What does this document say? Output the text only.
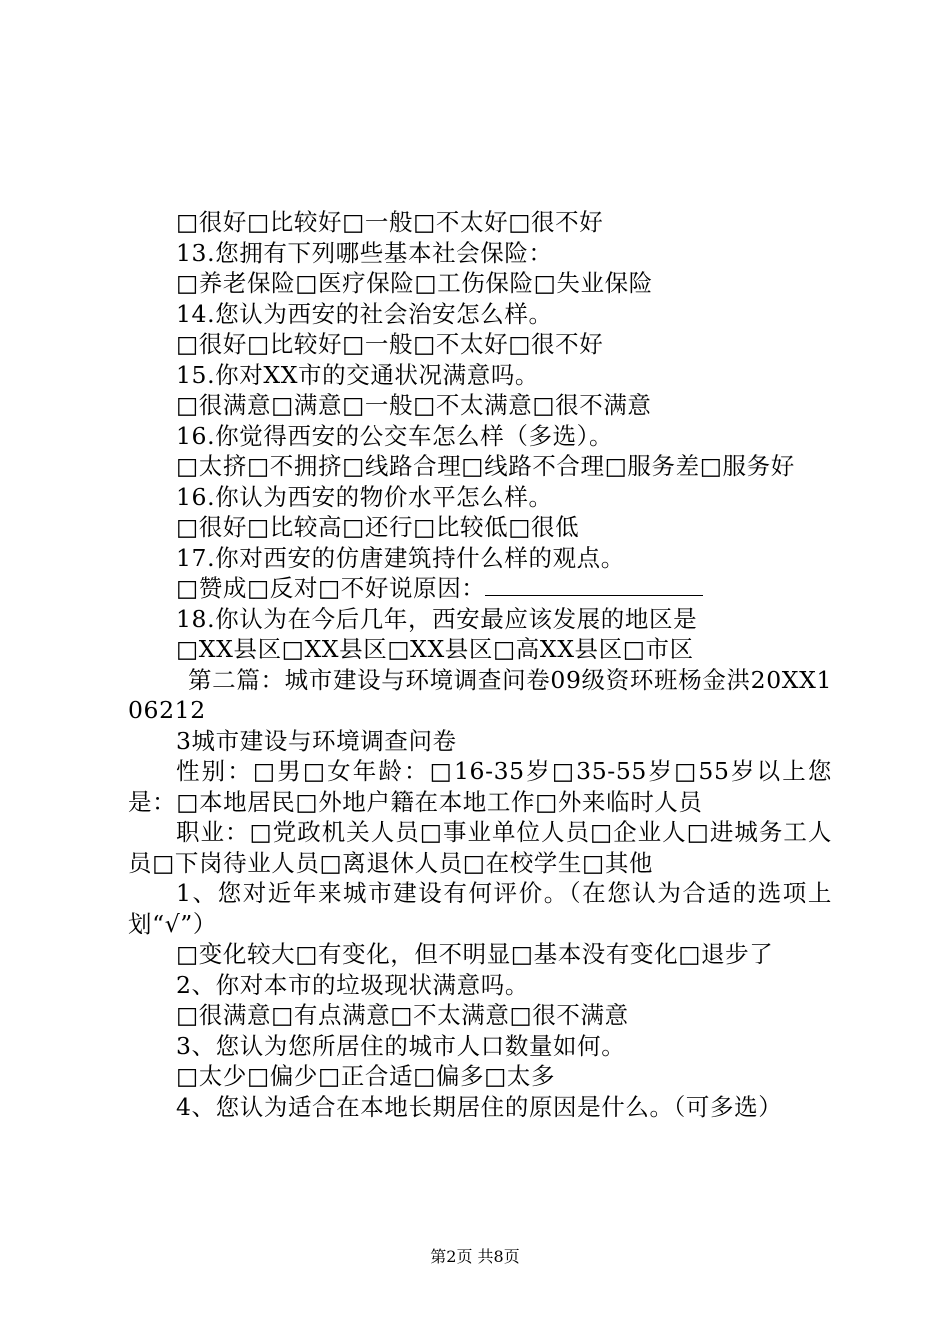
□很好□比较好□一般□不太好□很不好
13.您拥有下列哪些基本社会保险：
□养老保险□医疗保险□工伤保险□失业保险
14.您认为西安的社会治安怎么样。
□很好□比较好□一般□不太好□很不好
15.你对XX市的交通状况满意吗。
□很满意□满意□一般□不太满意□很不满意
16.你觉得西安的公交车怎么样（多选）。
□太挤□不拥挤□线路合理□线路不合理□服务差□服务好
16.你认为西安的物价水平怎么样。
□很好□比较高□还行□比较低□很低
17.你对西安的仿唐建筑持什么样的观点。
□赞成□反对□不好说原因：
18.你认为在今后几年，西安最应该发展的地区是
□XX县区□XX县区□XX县区□高XX县区□市区
第二篇：城市建设与环境调查问卷09级资环班杨金洪20XX106212
3城市建设与环境调查问卷
性别：□男□女年龄：□16-35岁□35-55岁□55岁以上您是：□本地居民□外地户籍在本地工作□外来临时人员
职业：□党政机关人员□事业单位人员□企业人□进城务工人员□下岗待业人员□离退休人员□在校学生□其他
1、您对近年来城市建设有何评价。（在您认为合适的选项上划“√”）
□变化较大□有变化，但不明显□基本没有变化□退步了
2、你对本市的垃圾现状满意吗。
□很满意□有点满意□不太满意□很不满意
3、您认为您所居住的城市人口数量如何。
□太少□偏少□正合适□偏多□太多
4、您认为适合在本地长期居住的原因是什么。（可多选）
第2页 共8页
